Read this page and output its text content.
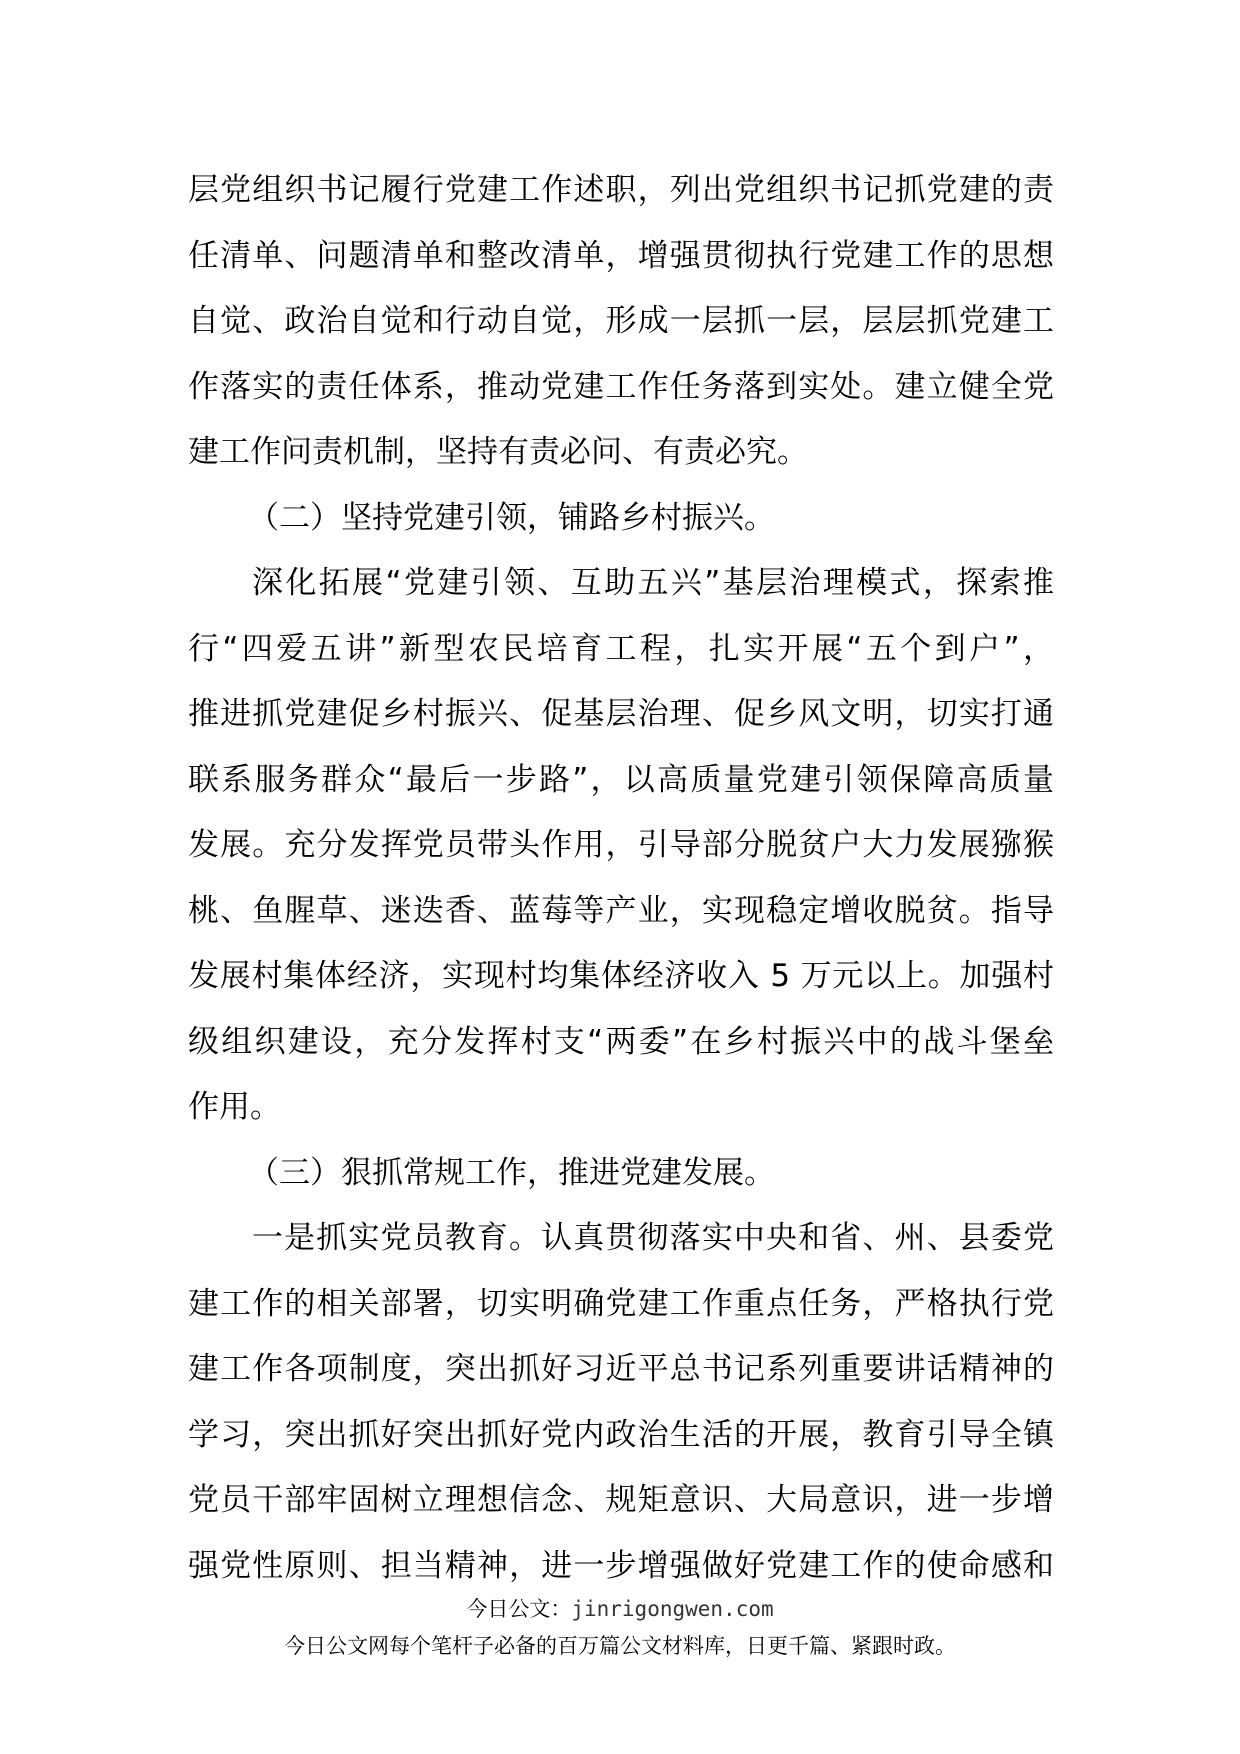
层党组织书记履行党建工作述职，列出党组织书记抓党建的责
任清单、问题清单和整改清单，增强贯彻执行党建工作的思想
自觉、政治自觉和行动自觉，形成一层抓一层，层层抓党建工
作落实的责任体系，推动党建工作任务落到实处。建立健全党
建工作问责机制，坚持有责必问、有责必究。
（二）坚持党建引领，铺路乡村振兴。
深化拓展“党建引领、互助五兴”基层治理模式，探索推
行“四爱五讲”新型农民培育工程，扎实开展“五个到户”，
推进抓党建促乡村振兴、促基层治理、促乡风文明，切实打通
联系服务群众“最后一步路”，以高质量党建引领保障高质量
发展。充分发挥党员带头作用，引导部分脱贫户大力发展猕猴
桃、鱼腥草、迷迭香、蓝莓等产业，实现稳定增收脱贫。指导
发展村集体经济，实现村均集体经济收入 5 万元以上。加强村
级组织建设，充分发挥村支“两委”在乡村振兴中的战斗堡垒
作用。
（三）狠抓常规工作，推进党建发展。
一是抓实党员教育。认真贯彻落实中央和省、州、县委党
建工作的相关部署，切实明确党建工作重点任务，严格执行党
建工作各项制度，突出抓好习近平总书记系列重要讲话精神的
学习，突出抓好突出抓好党内政治生活的开展，教育引导全镇
党员干部牢固树立理想信念、规矩意识、大局意识，进一步增
强党性原则、担当精神，进一步增强做好党建工作的使命感和
今日公文：jinrigongwen.com
今日公文网每个笔杆子必备的百万篇公文材料库，日更千篇、紧跟时政。
